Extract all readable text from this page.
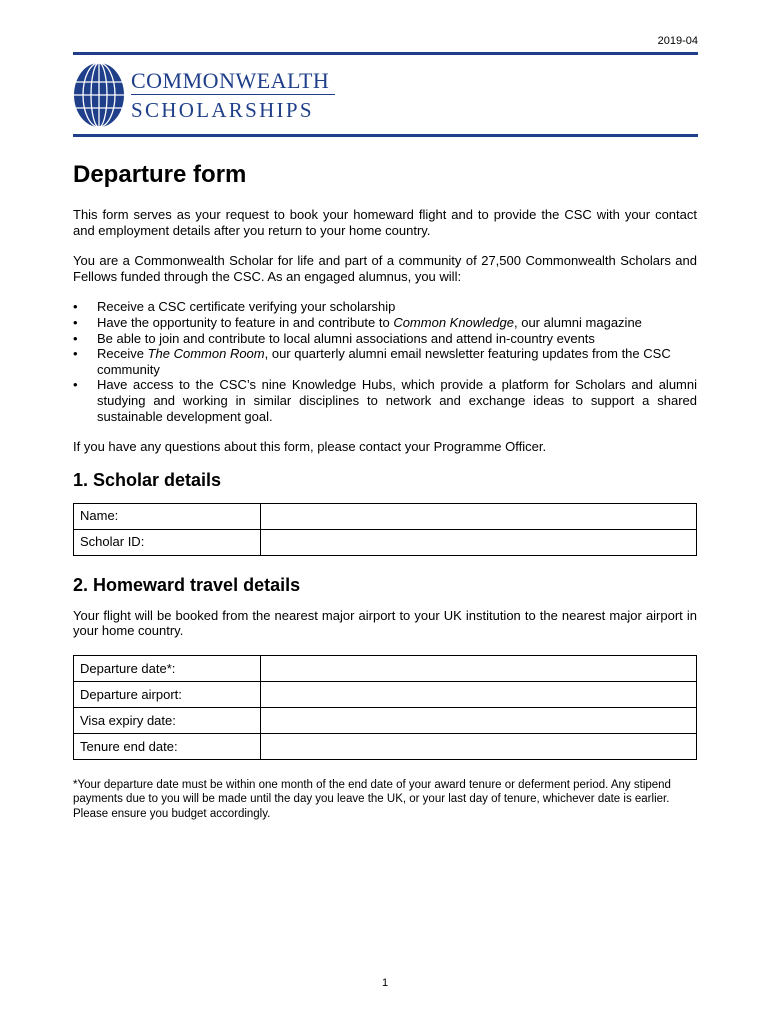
2019-04
COMMONWEALTH
SCHOLARSHIPS
Departure form

This form serves as your request to book your homeward flight and to provide the CSC with your contact and employment details after you return to your home country.

You are a Commonwealth Scholar for life and part of a community of 27,500 Commonwealth Scholars and Fellows funded through the CSC. As an engaged alumnus, you will:

• Receive a CSC certificate verifying your scholarship
• Have the opportunity to feature in and contribute to Common Knowledge, our alumni magazine
• Be able to join and contribute to local alumni associations and attend in-country events
• Receive The Common Room, our quarterly alumni email newsletter featuring updates from the CSC community
• Have access to the CSC’s nine Knowledge Hubs, which provide a platform for Scholars and alumni studying and working in similar disciplines to network and exchange ideas to support a shared sustainable development goal.

If you have any questions about this form, please contact your Programme Officer.

1. Scholar details
Name:	
Scholar ID:	
2. Homeward travel details

Your flight will be booked from the nearest major airport to your UK institution to the nearest major airport in your home country.

Departure date*:	
Departure airport:	
Visa expiry date:	
Tenure end date:	

*Your departure date must be within one month of the end date of your award tenure or deferment period. Any stipend payments due to you will be made until the day you leave the UK, or your last day of tenure, whichever date is earlier. Please ensure you budget accordingly.

1
